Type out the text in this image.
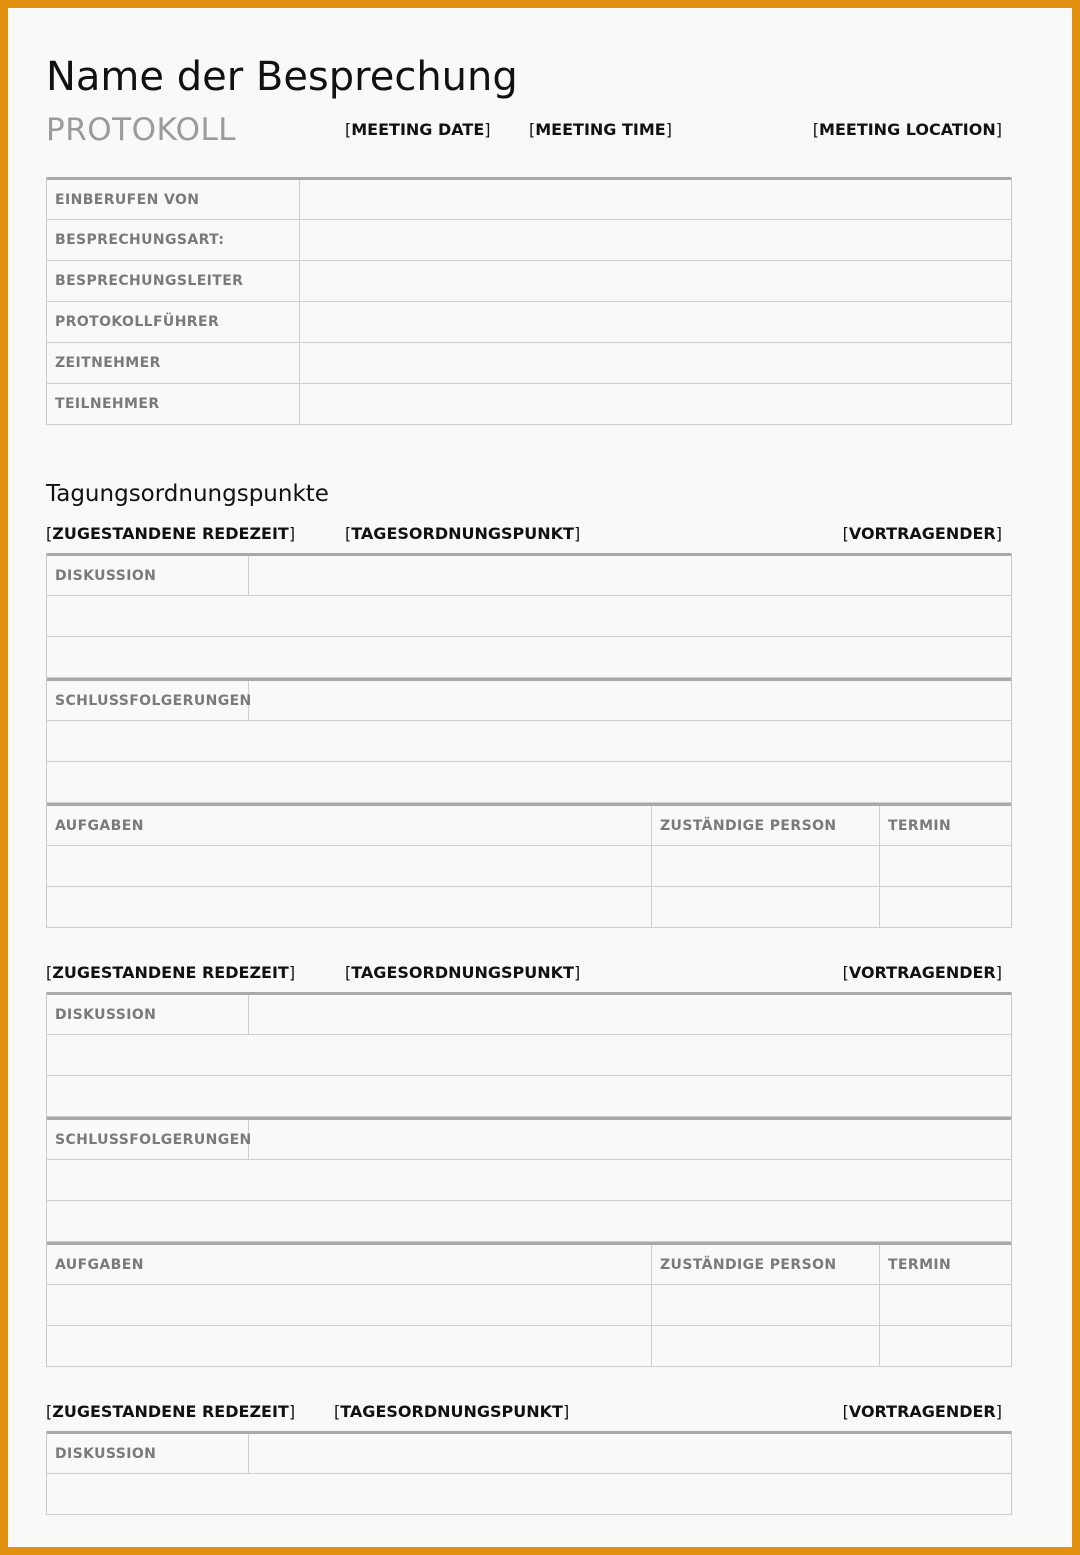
Name der Besprechung
PROTOKOLL	[MEETING DATE] [MEETING TIME]	[MEETING LOCATION]
EINBERUFEN VON
BESPRECHUNGSART:
BESPRECHUNGSLEITER
PROTOKOLLFÜHRER
ZEITNEHMER
TEILNEHMER
Tagungsordnungspunkte
[ZUGESTANDENE REDEZEIT]	[TAGESORDNUNGSPUNKT]	[VORTRAGENDER]
DISKUSSION
SCHLUSSFOLGERUNGEN
AUFGABEN	ZUSTÄNDIGE PERSON	TERMIN
[ZUGESTANDENE REDEZEIT]	[TAGESORDNUNGSPUNKT]	[VORTRAGENDER]
DISKUSSION
SCHLUSSFOLGERUNGEN
AUFGABEN	ZUSTÄNDIGE PERSON	TERMIN
[ZUGESTANDENE REDEZEIT] [TAGESORDNUNGSPUNKT]	[VORTRAGENDER]
DISKUSSION
